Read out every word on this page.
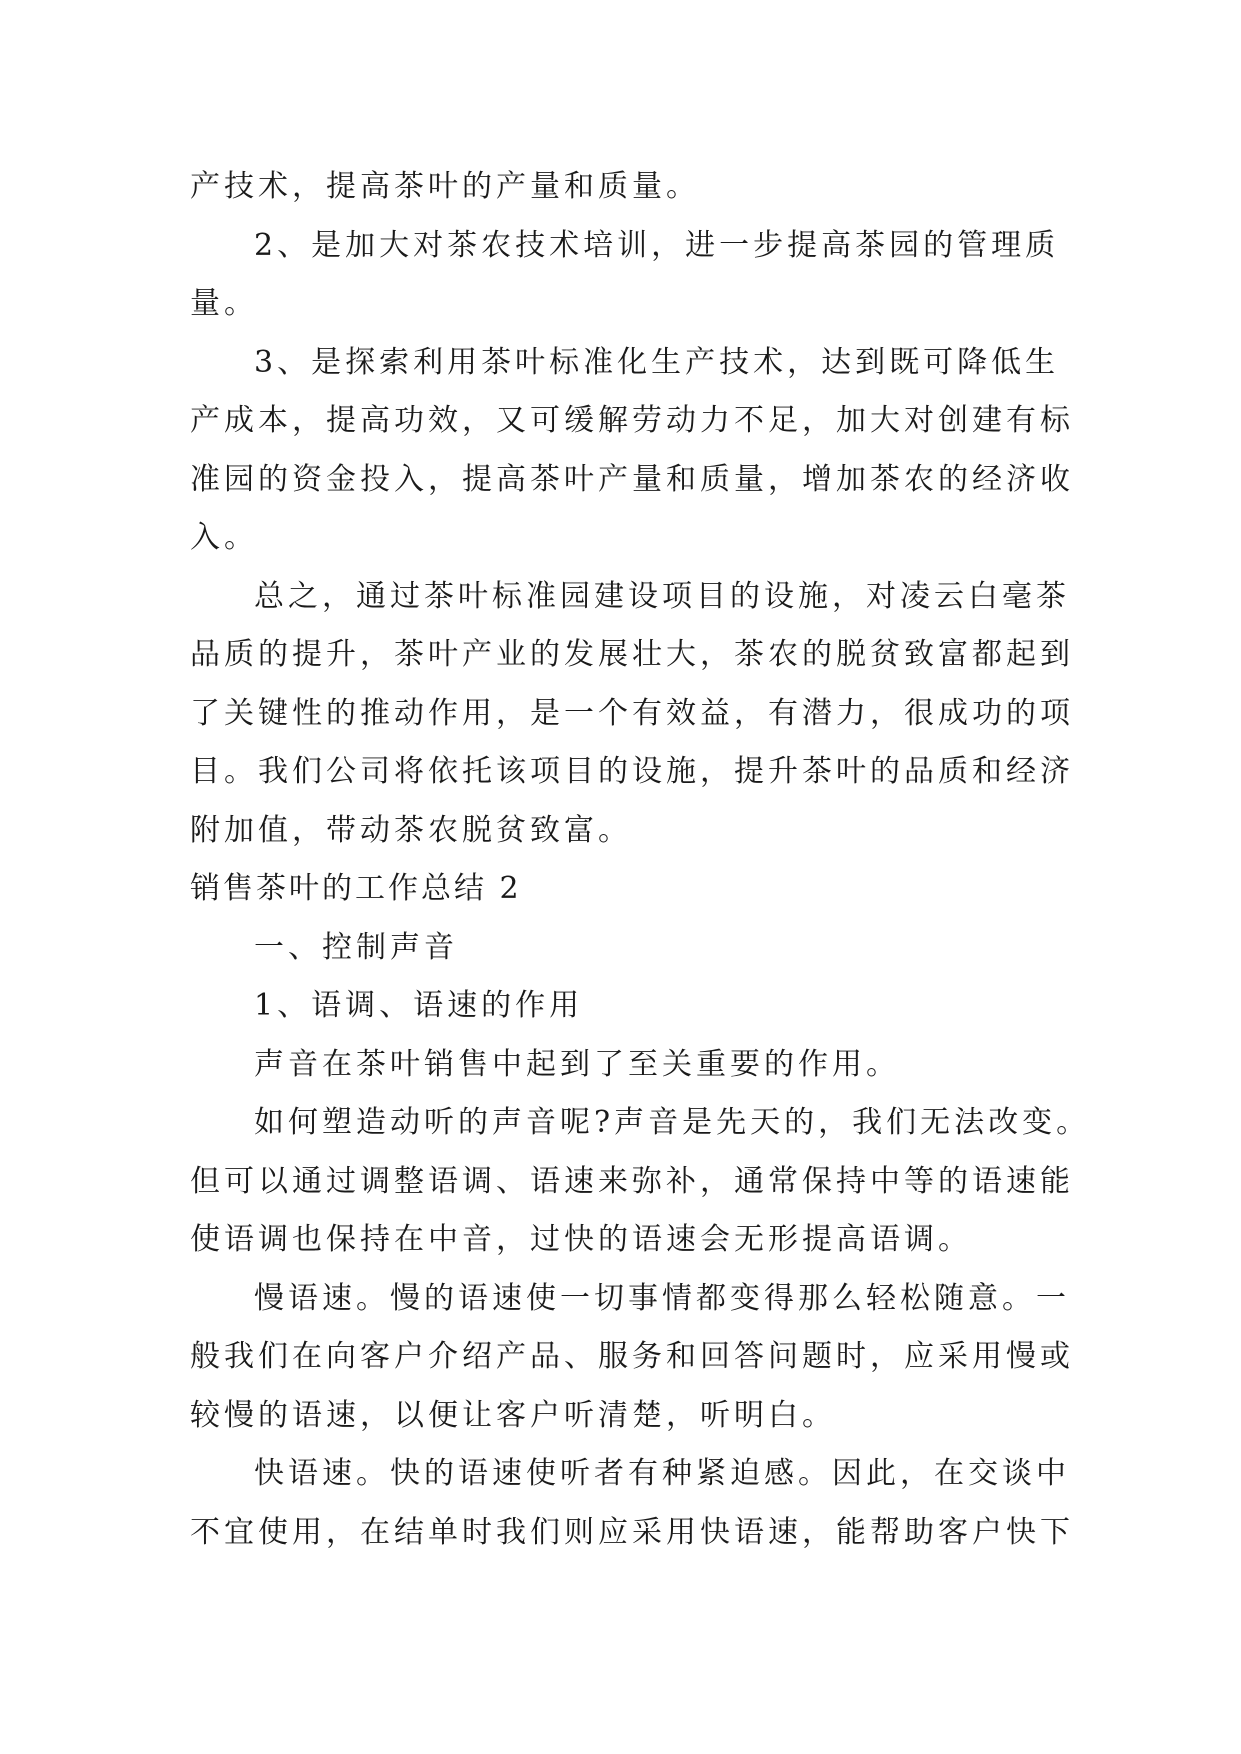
产技术，提高茶叶的产量和质量。
2、是加大对茶农技术培训，进一步提高茶园的管理质
量。
3、是探索利用茶叶标准化生产技术，达到既可降低生
产成本，提高功效，又可缓解劳动力不足，加大对创建有标
准园的资金投入，提高茶叶产量和质量，增加茶农的经济收
入。
总之，通过茶叶标准园建设项目的设施，对凌云白毫茶
品质的提升，茶叶产业的发展壮大，茶农的脱贫致富都起到
了关键性的推动作用，是一个有效益，有潜力，很成功的项
目。我们公司将依托该项目的设施，提升茶叶的品质和经济
附加值，带动茶农脱贫致富。
销售茶叶的工作总结 2
一、控制声音
1、语调、语速的作用
声音在茶叶销售中起到了至关重要的作用。
如何塑造动听的声音呢?声音是先天的，我们无法改变。
但可以通过调整语调、语速来弥补，通常保持中等的语速能
使语调也保持在中音，过快的语速会无形提高语调。
慢语速。慢的语速使一切事情都变得那么轻松随意。一
般我们在向客户介绍产品、服务和回答问题时，应采用慢或
较慢的语速，以便让客户听清楚，听明白。
快语速。快的语速使听者有种紧迫感。因此，在交谈中
不宜使用，在结单时我们则应采用快语速，能帮助客户快下
